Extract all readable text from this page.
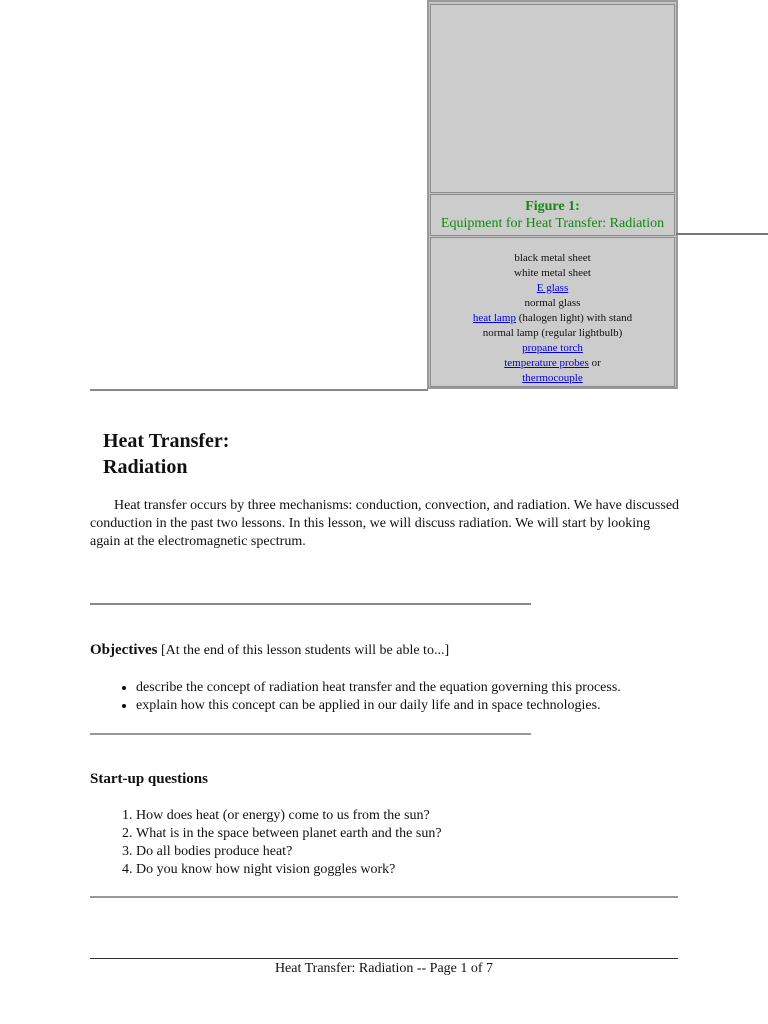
Figure 1:
Equipment for Heat Transfer: Radiation
black metal sheet
white metal sheet
E glass
normal glass
heat lamp (halogen light) with stand
normal lamp (regular lightbulb)
propane torch
temperature probes or
thermocouple
Heat Transfer:
Radiation

Heat transfer occurs by three mechanisms: conduction, convection, and radiation. We have discussed conduction in the past two lessons. In this lesson, we will discuss radiation. We will start by looking again at the electromagnetic spectrum.

Objectives [At the end of this lesson students will be able to...]

• describe the concept of radiation heat transfer and the equation governing this process.
• explain how this concept can be applied in our daily life and in space technologies.

Start-up questions

1. How does heat (or energy) come to us from the sun?
2. What is in the space between planet earth and the sun?
3. Do all bodies produce heat?
4. Do you know how night vision goggles work?
Heat Transfer: Radiation -- Page 1 of 7
